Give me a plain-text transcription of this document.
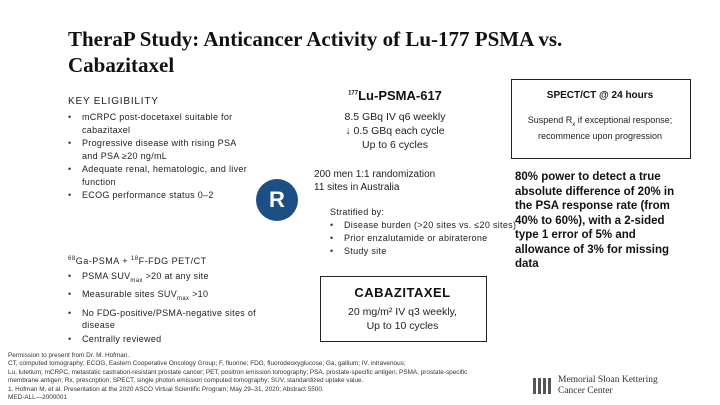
TheraP Study: Anticancer Activity of Lu-177 PSMA vs. Cabazitaxel
KEY ELIGIBILITY
• mCRPC post-docetaxel suitable for cabazitaxel
• Progressive disease with rising PSA and PSA ≥20 ng/mL
• Adequate renal, hematologic, and liver function
• ECOG performance status 0–2
$^{68}$Ga-PSMA + $^{18}$F-FDG PET/CT
• PSMA $SUV_{max} >20$ at any site
• Measurable sites $SUV_{max} >10$
• No FDG-positive/PSMA-negative sites of disease
• Centrally reviewed
R
$^{177}$Lu-PSMA-617
8.5 GBq IV q6 weekly
↓ 0.5 GBq each cycle
Up to 6 cycles
200 men 1:1 randomization
11 sites in Australia
Stratified by:
• Disease burden (>20 sites vs. ≤20 sites)
• Prior enzalutamide or abiraterone
• Study site
CABAZITAXEL
20 mg/m² IV q3 weekly,
Up to 10 cycles
SPECT/CT @ 24 hours
Suspend $R_x$ if exceptional response; recommence upon progression
80% power to detect a true absolute difference of 20% in the PSA response rate (from 40% to 60%), with a 2-sided type 1 error of 5% and allowance of 3% for missing data
Permission to present from Dr. M. Hofman.
CT, computed tomography; ECOG, Eastern Cooperative Oncology Group; F, fluorine; FDG, fluorodeoxyglucose; Ga, gallium; IV, intravenous;
Lu, lutetium; mCRPC, metastatic castration-resistant prostate cancer; PET, positron emission tomography; PSA, prostate-specific antigen; PSMA, prostate-specific
membrane antigen; Rx, prescription; SPECT, single photon emission computed tomography; SUV, standardized uptake value.
1. Hofman M, et al. Presentation at the 2020 ASCO Virtual Scientific Program; May 29–31, 2020; Abstract 5500.
MED-ALL—2000001
Memorial Sloan Kettering
Cancer Center
